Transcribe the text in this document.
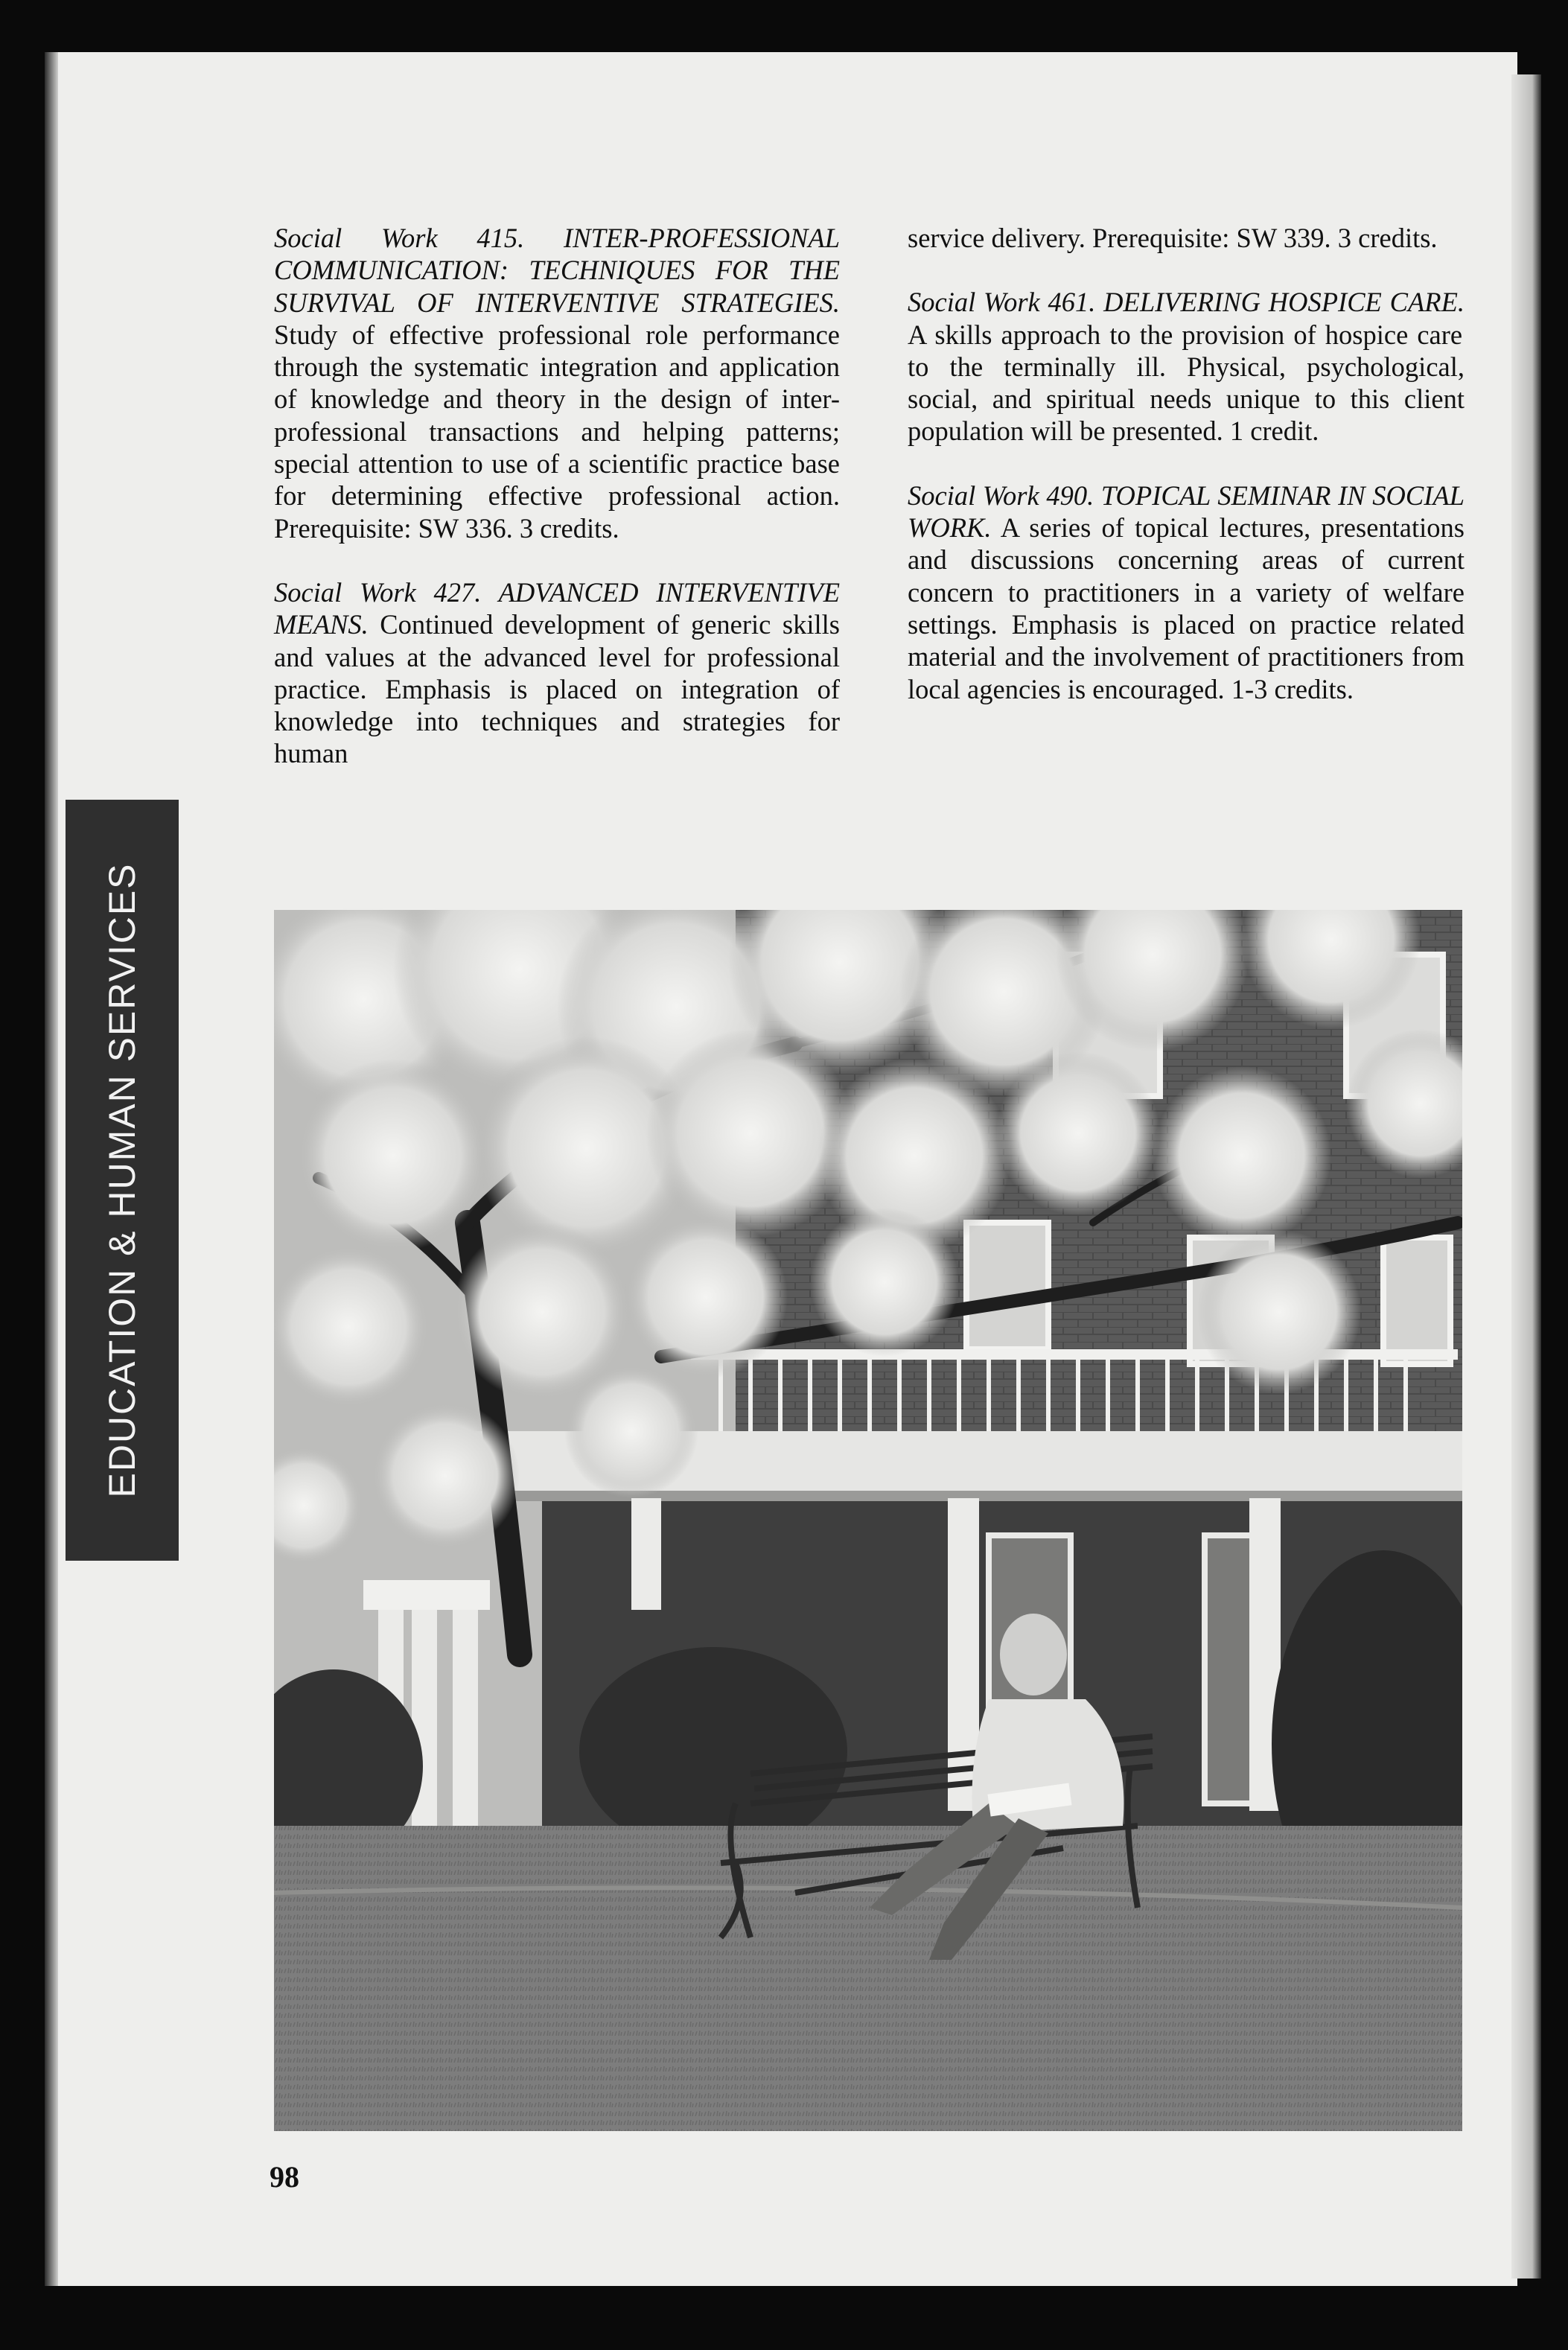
EDUCATION & HUMAN SERVICES

Social Work 415. INTER-PROFESSIONAL COMMUNICATION: TECHNIQUES FOR THE SURVIVAL OF INTERVENTIVE STRATEGIES. Study of effective professional role performance through the systematic integration and application of knowledge and theory in the design of inter-professional transactions and helping patterns; special attention to use of a scientific practice base for determining effective professional action. Prerequisite: SW 336. 3 credits.

Social Work 427. ADVANCED INTERVENTIVE MEANS. Continued development of generic skills and values at the advanced level for professional practice. Emphasis is placed on integration of knowledge into techniques and strategies for human

service delivery. Prerequisite: SW 339. 3 credits.

Social Work 461. DELIVERING HOSPICE CARE. A skills approach to the provision of hospice care to the terminally ill. Physical, psychological, social, and spiritual needs unique to this client population will be presented. 1 credit.

Social Work 490. TOPICAL SEMINAR IN SOCIAL WORK. A series of topical lectures, presentations and discussions concerning areas of current concern to practitioners in a variety of welfare settings. Emphasis is placed on practice related material and the involvement of practitioners from local agencies is encouraged. 1-3 credits.

98
